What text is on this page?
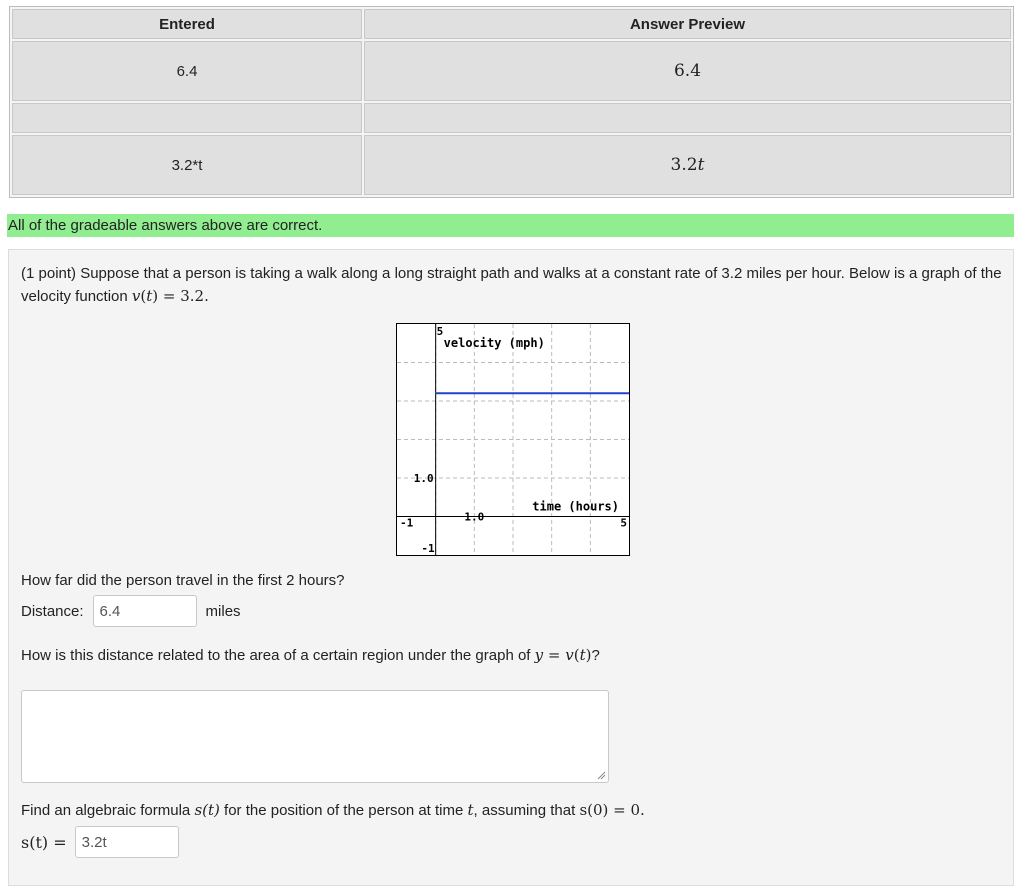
Entered	Answer Preview
6.4	6.4

3.2*t	3.2t
All of the gradeable answers above are correct.
(1 point) Suppose that a person is taking a walk along a long straight path and walks at a constant rate of 3.2 miles per hour. Below is a graph of the velocity function v(t) = 3.2.
5
velocity (mph)
1.0
-1
time (hours)
1.0
-1	5
How far did the person travel in the first 2 hours?
Distance:	6.4	miles
How is this distance related to the area of a certain region under the graph of y = v(t)?
Find an algebraic formula s(t) for the position of the person at time t, assuming that s(0) = 0.
s(t) =	3.2t
